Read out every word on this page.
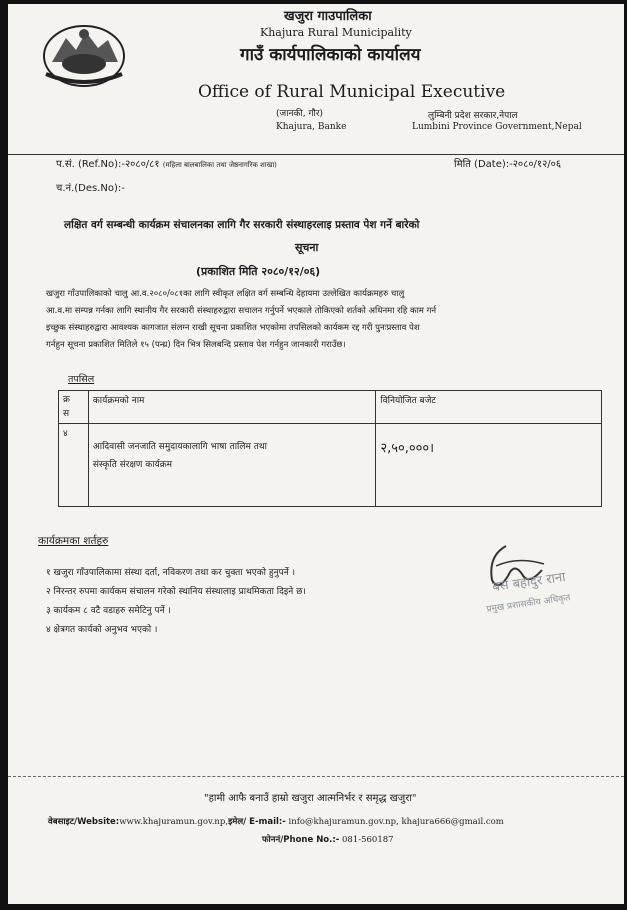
खजुरा गाउपालिका
Khajura Rural Municipality
गाउँ कार्यपालिकाको कार्यालय
Office of Rural Municipal Executive
(जानकी, गौर)
Khajura, Banke
लुम्बिनी प्रदेश सरकार,नेपाल
Lumbini Province Government,Nepal
प.सं. (Ref.No):-२०८०/८१ (महिला बालबालिका तथा जेष्ठनागरिक शाखा)	मिति (Date):-२०८०/१२/०६
च.नं.(Des.No):-
लक्षित वर्ग सम्बन्धी कार्यक्रम संचालनका लागि गैर सरकारी संस्थाहरलाइ प्रस्ताव पेश गर्ने बारेको
सूचना
(प्रकाशित मिति २०८०/१२/०६)
खजुरा गाँउपालिकाको चालु आ.व.२०८०/०८१का लागि स्वीकृत लक्षित वर्ग सम्बन्धि देहायमा उल्लेखित कार्यक्रमहरु चालु
आ.व.मा सम्पन्न गर्नका लागि स्थानीय गैर सरकारी संस्थाहरुद्वारा सचालन गर्नुपर्ने भएकाले तोकिएको शर्तको अधिनमा रहि काम गर्न
इच्छुक संस्थाहरुद्वारा आवश्यक कागजात संलग्न राखी सूचना प्रकाशित भएकोमा तपसिलको कार्यकम रद्द गरी पुनःप्रस्ताव पेश
गर्नहुन सूचना प्रकाशित मितिले १५ (पन्ध्र) दिन भित्र सिलबन्दि प्रस्ताव पेश गर्नहुन जानकारी गराउँछ।
तपसिल
क्र
स	कार्यक्रमको नाम	विनियोजित बजेट
४	आदिवासी जनजाति समुदायकालागि भाषा तालिम तथा
संस्कृति संरक्षण कार्यक्रम	२,५०,०००।
कार्यक्रमका शर्तहरु
१ खजुरा गाँउपालिकामा संस्था दर्ता, नविकरण तथा कर चुक्ता भएको हुनुपर्ने ।
२ निरन्तर रुपमा कार्यकम संचालन गरेको स्थानिय संस्थालाइ प्राथमिकता दिइने छ।
३ कार्यकम ८ वटै वडाहरु समेटिनु पर्ने ।
४ क्षेत्रगत कार्यको अनुभव भएको ।
बस बहादुर राना
प्रमुख प्रशासकीय अधिकृत
"हामी आफै बनाउँ हाम्रो खजुरा आत्मनिर्भर र समृद्ध खजुरा"
वेबसाइट/Website:www.khajuramun.gov.np,इमेल/ E-mail:- info@khajuramun.gov.np, khajura666@gmail.com
फोननं/Phone No.:- 081-560187
